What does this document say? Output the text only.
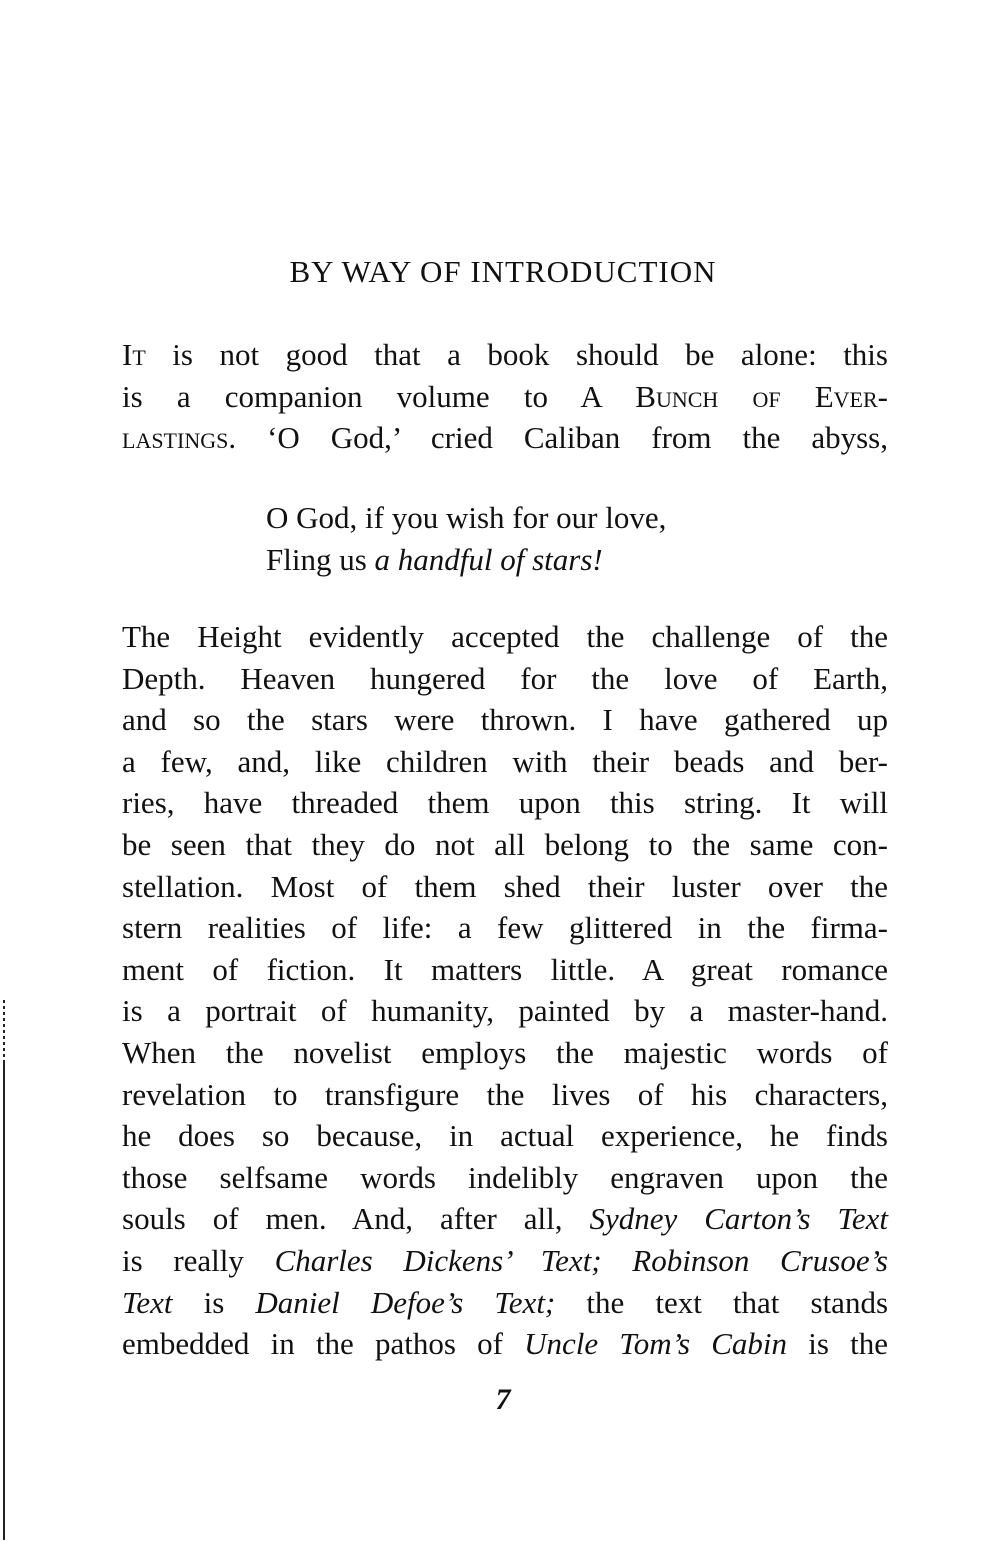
BY WAY OF INTRODUCTION
It is not good that a book should be alone: this
is a companion volume to A Bunch of Ever-
lastings. ‘O God,’ cried Caliban from the abyss,
O God, if you wish for our love,
Fling us a handful of stars!
The Height evidently accepted the challenge of the
Depth. Heaven hungered for the love of Earth,
and so the stars were thrown. I have gathered up
a few, and, like children with their beads and ber-
ries, have threaded them upon this string. It will
be seen that they do not all belong to the same con-
stellation. Most of them shed their luster over the
stern realities of life: a few glittered in the firma-
ment of fiction. It matters little. A great romance
is a portrait of humanity, painted by a master-hand.
When the novelist employs the majestic words of
revelation to transfigure the lives of his characters,
he does so because, in actual experience, he finds
those selfsame words indelibly engraven upon the
souls of men. And, after all, Sydney Carton’s Text
is really Charles Dickens’ Text; Robinson Crusoe’s
Text is Daniel Defoe’s Text; the text that stands
embedded in the pathos of Uncle Tom’s Cabin is the
7
